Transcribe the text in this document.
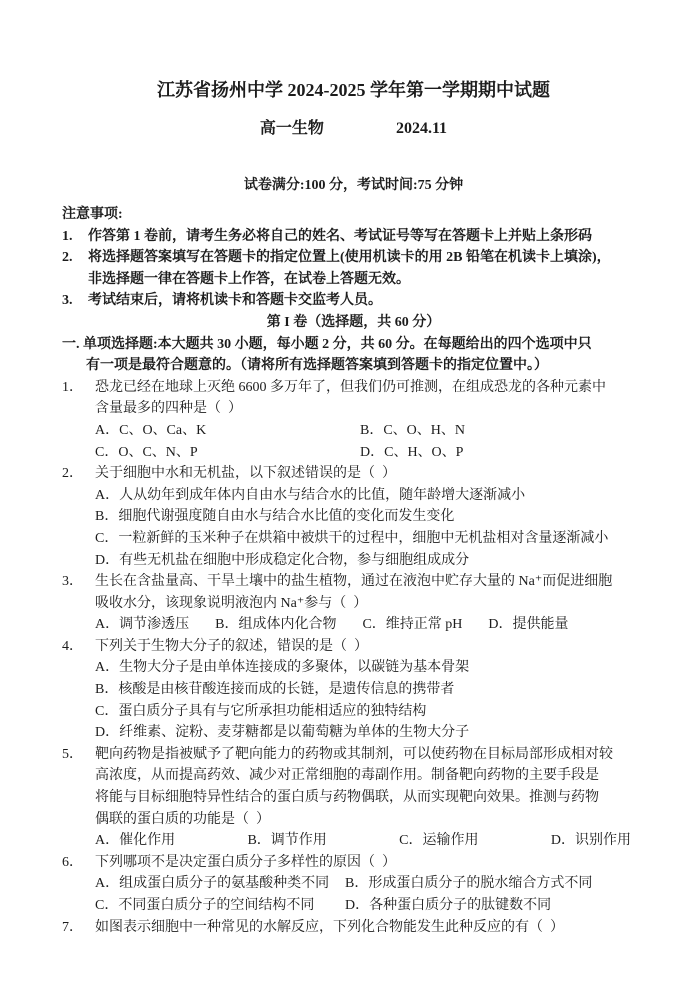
江苏省扬州中学 2024-2025 学年第一学期期中试题
高一生物	2024.11
试卷满分:100 分，考试时间:75 分钟
注意事项:
1.	作答第 1 卷前，请考生务必将自己的姓名、考试证号等写在答题卡上并贴上条形码
2.	将选择题答案填写在答题卡的指定位置上(使用机读卡的用 2B 铅笔在机读卡上填涂)，
非选择题一律在答题卡上作答，在试卷上答题无效。
3.	考试结束后，请将机读卡和答题卡交监考人员。
第 I 卷（选择题，共 60 分）
一. 单项选择题:本大题共 30 小题，每小题 2 分，共 60 分。在每题给出的四个选项中只
有一项是最符合题意的。（请将所有选择题答案填到答题卡的指定位置中。）
1． 恐龙已经在地球上灭绝 6600 多万年了，但我们仍可推测，在组成恐龙的各种元素中
含量最多的四种是（  ）
A．C、O、Ca、K	B．C、O、H、N
C．O、C、N、P	D．C、H、O、P
2． 关于细胞中水和无机盐，以下叙述错误的是（  ）
A．人从幼年到成年体内自由水与结合水的比值，随年龄增大逐渐减小
B．细胞代谢强度随自由水与结合水比值的变化而发生变化
C．一粒新鲜的玉米种子在烘箱中被烘干的过程中，细胞中无机盐相对含量逐渐减小
D．有些无机盐在细胞中形成稳定化合物，参与细胞组成成分
3． 生长在含盐量高、干旱土壤中的盐生植物，通过在液泡中贮存大量的 Na⁺而促进细胞
吸收水分，该现象说明液泡内 Na⁺参与（  ）
A．调节渗透压 B．组成体内化合物 C．维持正常 pH D．提供能量
4． 下列关于生物大分子的叙述，错误的是（  ）
A．生物大分子是由单体连接成的多聚体，以碳链为基本骨架
B．核酸是由核苷酸连接而成的长链，是遗传信息的携带者
C．蛋白质分子具有与它所承担功能相适应的独特结构
D．纤维素、淀粉、麦芽糖都是以葡萄糖为单体的生物大分子
5． 靶向药物是指被赋予了靶向能力的药物或其制剂，可以使药物在目标局部形成相对较
高浓度，从而提高药效、减少对正常细胞的毒副作用。制备靶向药物的主要手段是
将能与目标细胞特异性结合的蛋白质与药物偶联，从而实现靶向效果。推测与药物
偶联的蛋白质的功能是（  ）
A．催化作用	B．调节作用	C．运输作用	D．识别作用
6． 下列哪项不是决定蛋白质分子多样性的原因（  ）
A．组成蛋白质分子的氨基酸种类不同	B．形成蛋白质分子的脱水缩合方式不同
C．不同蛋白质分子的空间结构不同	D．各种蛋白质分子的肽键数不同
7． 如图表示细胞中一种常见的水解反应，下列化合物能发生此种反应的有（  ）
